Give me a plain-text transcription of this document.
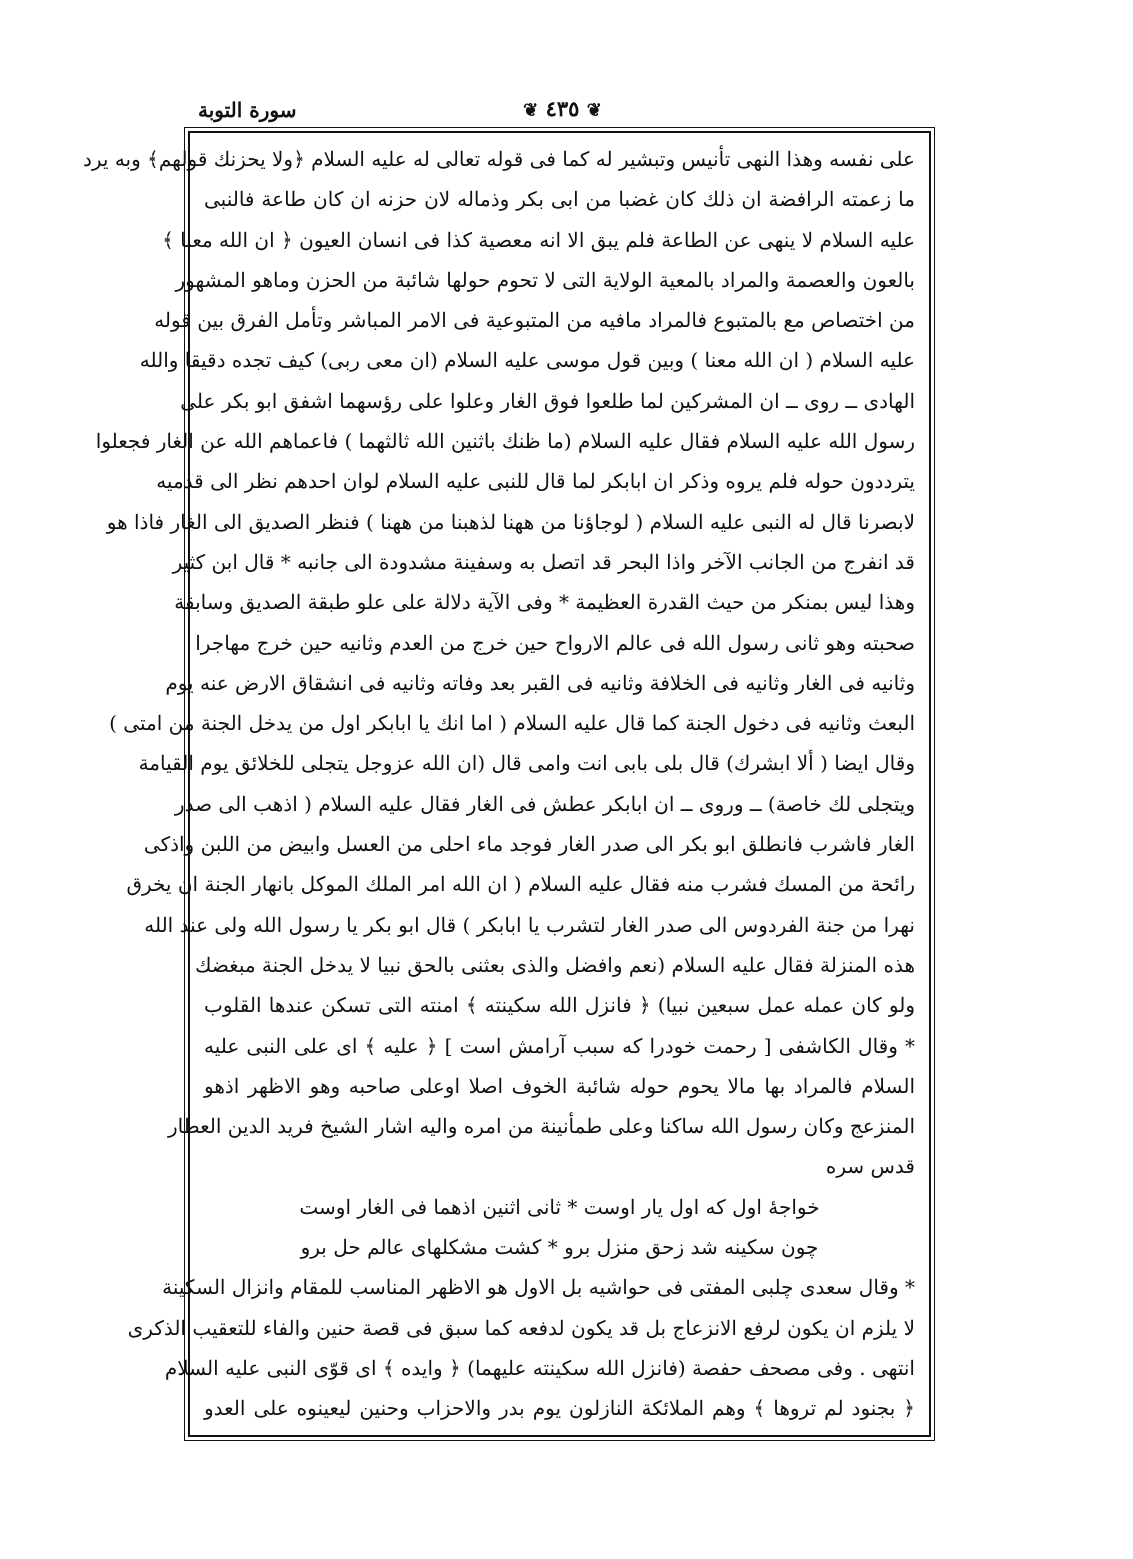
❦ ٤٣٥ ❦
سورة التوبة
على نفسه وهذا النهى تأنيس وتبشير له كما فى قوله تعالى له عليه السلام ﴿ولا يحزنك قولهم﴾ وبه يرد
ما زعمته الرافضة ان ذلك كان غضبا من ابى بكر وذماله لان حزنه ان كان طاعة فالنبى
عليه السلام لا ينهى عن الطاعة فلم يبق الا انه معصية كذا فى انسان العيون ﴿ ان الله معنا ﴾
بالعون والعصمة والمراد بالمعية الولاية التى لا تحوم حولها شائبة من الحزن وماهو المشهور
من اختصاص مع بالمتبوع فالمراد مافيه من المتبوعية فى الامر المباشر وتأمل الفرق بين قوله
عليه السلام ( ان الله معنا ) وبين قول موسى عليه السلام (ان معى ربى) كيف تجده دقيقا والله
الهادى ــ روى ــ ان المشركين لما طلعوا فوق الغار وعلوا على رؤسهما اشفق ابو بكر على
رسول الله عليه السلام فقال عليه السلام (ما ظنك باثنين الله ثالثهما ) فاعماهم الله عن الغار فجعلوا
يترددون حوله فلم يروه وذكر ان ابابكر لما قال للنبى عليه السلام لوان احدهم نظر الى قدميه
لابصرنا قال له النبى عليه السلام ( لوجاؤنا من ههنا لذهبنا من ههنا ) فنظر الصديق الى الغار فاذا هو
قد انفرج من الجانب الآخر واذا البحر قد اتصل به وسفينة مشدودة الى جانبه * قال ابن كثير
وهذا ليس بمنكر من حيث القدرة العظيمة * وفى الآية دلالة على علو طبقة الصديق وسابقة
صحبته وهو ثانى رسول الله فى عالم الارواح حين خرج من العدم وثانيه حين خرج مهاجرا
وثانيه فى الغار وثانيه فى الخلافة وثانيه فى القبر بعد وفاته وثانيه فى انشقاق الارض عنه يوم
البعث وثانيه فى دخول الجنة كما قال عليه السلام ( اما انك يا ابابكر اول من يدخل الجنة من امتى )
وقال ايضا ( ألا ابشرك) قال بلى بابى انت وامى قال (ان الله عزوجل يتجلى للخلائق يوم القيامة
ويتجلى لك خاصة) ــ وروى ــ ان ابابكر عطش فى الغار فقال عليه السلام ( اذهب الى صدر
الغار فاشرب فانطلق ابو بكر الى صدر الغار فوجد ماء احلى من العسل وابيض من اللبن واذكى
رائحة من المسك فشرب منه فقال عليه السلام ( ان الله امر الملك الموكل بانهار الجنة ان يخرق
نهرا من جنة الفردوس الى صدر الغار لتشرب يا ابابكر ) قال ابو بكر يا رسول الله ولى عند الله
هذه المنزلة فقال عليه السلام (نعم وافضل والذى بعثنى بالحق نبيا لا يدخل الجنة مبغضك
ولو كان عمله عمل سبعين نبيا) ﴿ فانزل الله سكينته ﴾ امنته التى تسكن عندها القلوب
* وقال الكاشفى [ رحمت خودرا كه سبب آرامش است ] ﴿ عليه ﴾ اى على النبى عليه
السلام فالمراد بها مالا يحوم حوله شائبة الخوف اصلا اوعلى صاحبه وهو الاظهر اذهو
المنزعج وكان رسول الله ساكنا وعلى طمأنينة من امره واليه اشار الشيخ فريد الدين العطار
قدس سره
خواجهٔ اول كه اول يار اوست * ثانى اثنين اذهما فى الغار اوست
چون سكينه شد زحق منزل برو * كشت مشكلهاى عالم حل برو
* وقال سعدى چلبى المفتى فى حواشيه بل الاول هو الاظهر المناسب للمقام وانزال السكينة
لا يلزم ان يكون لرفع الانزعاج بل قد يكون لدفعه كما سبق فى قصة حنين والفاء للتعقيب الذكرى
انتهى . وفى مصحف حفصة (فانزل الله سكينته عليهما) ﴿ وايده ﴾ اى قوّى النبى عليه السلام
﴿ بجنود لم تروها ﴾ وهم الملائكة النازلون يوم بدر والاحزاب وحنين ليعينوه على العدو
